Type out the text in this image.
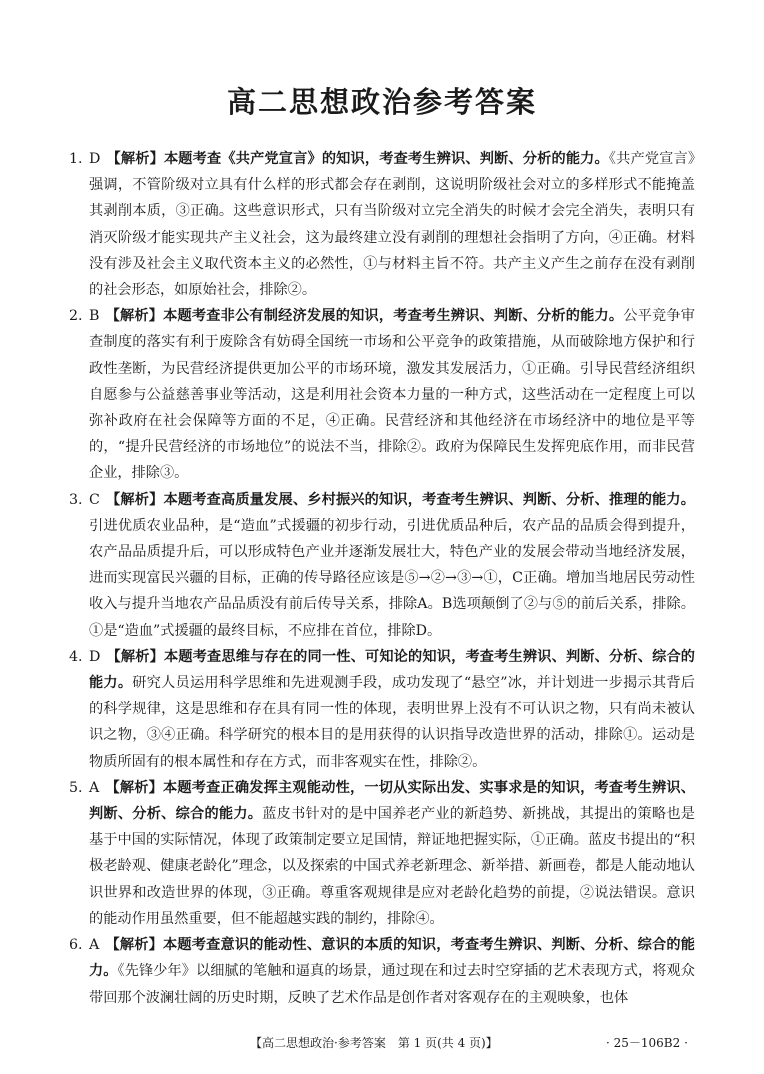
高二思想政治参考答案
1. D 【解析】本题考查《共产党宣言》的知识，考查考生辨识、判断、分析的能力。《共产党宣言》强调，不管阶级对立具有什么样的形式都会存在剥削，这说明阶级社会对立的多样形式不能掩盖其剥削本质，③正确。这些意识形式，只有当阶级对立完全消失的时候才会完全消失，表明只有消灭阶级才能实现共产主义社会，这为最终建立没有剥削的理想社会指明了方向，④正确。材料没有涉及社会主义取代资本主义的必然性，①与材料主旨不符。共产主义产生之前存在没有剥削的社会形态，如原始社会，排除②。
2. B 【解析】本题考查非公有制经济发展的知识，考查考生辨识、判断、分析的能力。公平竞争审查制度的落实有利于废除含有妨碍全国统一市场和公平竞争的政策措施，从而破除地方保护和行政性垄断，为民营经济提供更加公平的市场环境，激发其发展活力，①正确。引导民营经济组织自愿参与公益慈善事业等活动，这是利用社会资本力量的一种方式，这些活动在一定程度上可以弥补政府在社会保障等方面的不足，④正确。民营经济和其他经济在市场经济中的地位是平等的，“提升民营经济的市场地位”的说法不当，排除②。政府为保障民生发挥兜底作用，而非民营企业，排除③。
3. C 【解析】本题考查高质量发展、乡村振兴的知识，考查考生辨识、判断、分析、推理的能力。引进优质农业品种，是“造血”式援疆的初步行动，引进优质品种后，农产品的品质会得到提升，农产品品质提升后，可以形成特色产业并逐渐发展壮大，特色产业的发展会带动当地经济发展，进而实现富民兴疆的目标，正确的传导路径应该是⑤→②→③→①，C正确。增加当地居民劳动性收入与提升当地农产品品质没有前后传导关系，排除A。B选项颠倒了②与⑤的前后关系，排除。①是“造血”式援疆的最终目标，不应排在首位，排除D。
4. D 【解析】本题考查思维与存在的同一性、可知论的知识，考查考生辨识、判断、分析、综合的能力。研究人员运用科学思维和先进观测手段，成功发现了“悬空”冰，并计划进一步揭示其背后的科学规律，这是思维和存在具有同一性的体现，表明世界上没有不可认识之物，只有尚未被认识之物，③④正确。科学研究的根本目的是用获得的认识指导改造世界的活动，排除①。运动是物质所固有的根本属性和存在方式，而非客观实在性，排除②。
5. A 【解析】本题考查正确发挥主观能动性，一切从实际出发、实事求是的知识，考查考生辨识、判断、分析、综合的能力。蓝皮书针对的是中国养老产业的新趋势、新挑战，其提出的策略也是基于中国的实际情况，体现了政策制定要立足国情，辩证地把握实际，①正确。蓝皮书提出的“积极老龄观、健康老龄化”理念，以及探索的中国式养老新理念、新举措、新画卷，都是人能动地认识世界和改造世界的体现，③正确。尊重客观规律是应对老龄化趋势的前提，②说法错误。意识的能动作用虽然重要，但不能超越实践的制约，排除④。
6. A 【解析】本题考查意识的能动性、意识的本质的知识，考查考生辨识、判断、分析、综合的能力。《先锋少年》以细腻的笔触和逼真的场景，通过现在和过去时空穿插的艺术表现方式，将观众带回那个波澜壮阔的历史时期，反映了艺术作品是创作者对客观存在的主观映象，也体
【高二思想政治·参考答案　第 1 页(共 4 页)】	· 25－106B2 ·
